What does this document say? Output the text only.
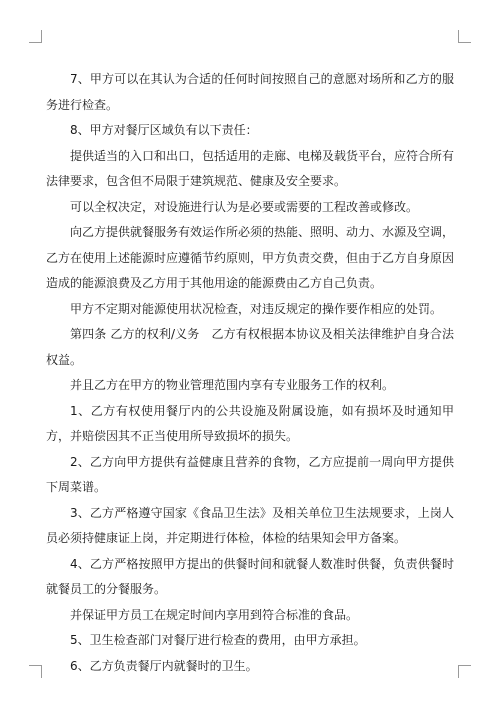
7、甲方可以在其认为合适的任何时间按照自己的意愿对场所和乙方的服务进行检查。

8、甲方对餐厅区域负有以下责任：

提供适当的入口和出口，包括适用的走廊、电梯及载货平台，应符合所有法律要求，包含但不局限于建筑规范、健康及安全要求。

可以全权决定，对设施进行认为是必要或需要的工程改善或修改。

向乙方提供就餐服务有效运作所必须的热能、照明、动力、水源及空调，乙方在使用上述能源时应遵循节约原则，甲方负责交费，但由于乙方自身原因造成的能源浪费及乙方用于其他用途的能源费由乙方自己负责。

甲方不定期对能源使用状况检查，对违反规定的操作要作相应的处罚。

第四条 乙方的权利/义务　乙方有权根据本协议及相关法律维护自身合法权益。

并且乙方在甲方的物业管理范围内享有专业服务工作的权利。

1、乙方有权使用餐厅内的公共设施及附属设施，如有损坏及时通知甲方，并赔偿因其不正当使用所导致损坏的损失。

2、乙方向甲方提供有益健康且营养的食物，乙方应提前一周向甲方提供下周菜谱。

3、乙方严格遵守国家《食品卫生法》及相关单位卫生法规要求，上岗人员必须持健康证上岗，并定期进行体检，体检的结果知会甲方备案。

4、乙方严格按照甲方提出的供餐时间和就餐人数准时供餐，负责供餐时就餐员工的分餐服务。

并保证甲方员工在规定时间内享用到符合标准的食品。

5、卫生检查部门对餐厅进行检查的费用，由甲方承担。

6、乙方负责餐厅内就餐时的卫生。
